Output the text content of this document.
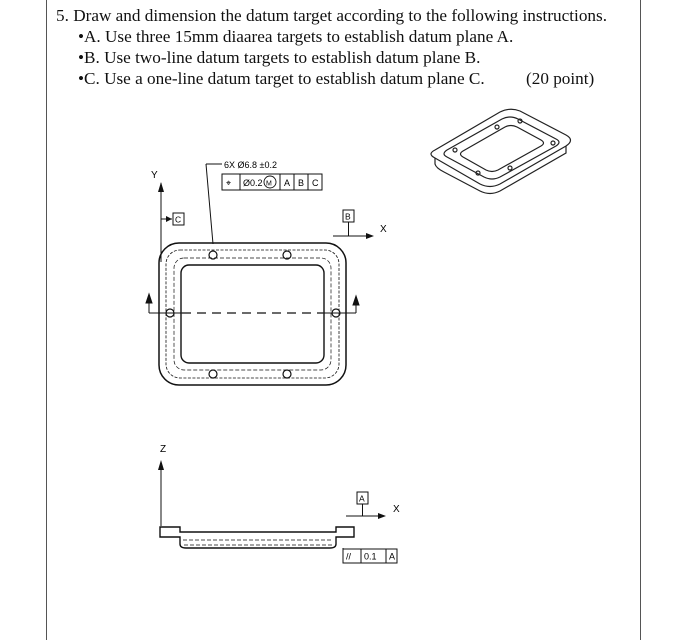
5. Draw and dimension the datum target according to the following instructions.
•A. Use three 15mm diaarea targets to establish datum plane A.
•B. Use two-line datum targets to establish datum plane B.
•C. Use a one-line datum target to establish datum plane C. (20 point)
6X Ø6.8 ±0.2
⌖ Ø0.2 M A B C
Y
C	B
X
Z
A
X
// 0.1 A
